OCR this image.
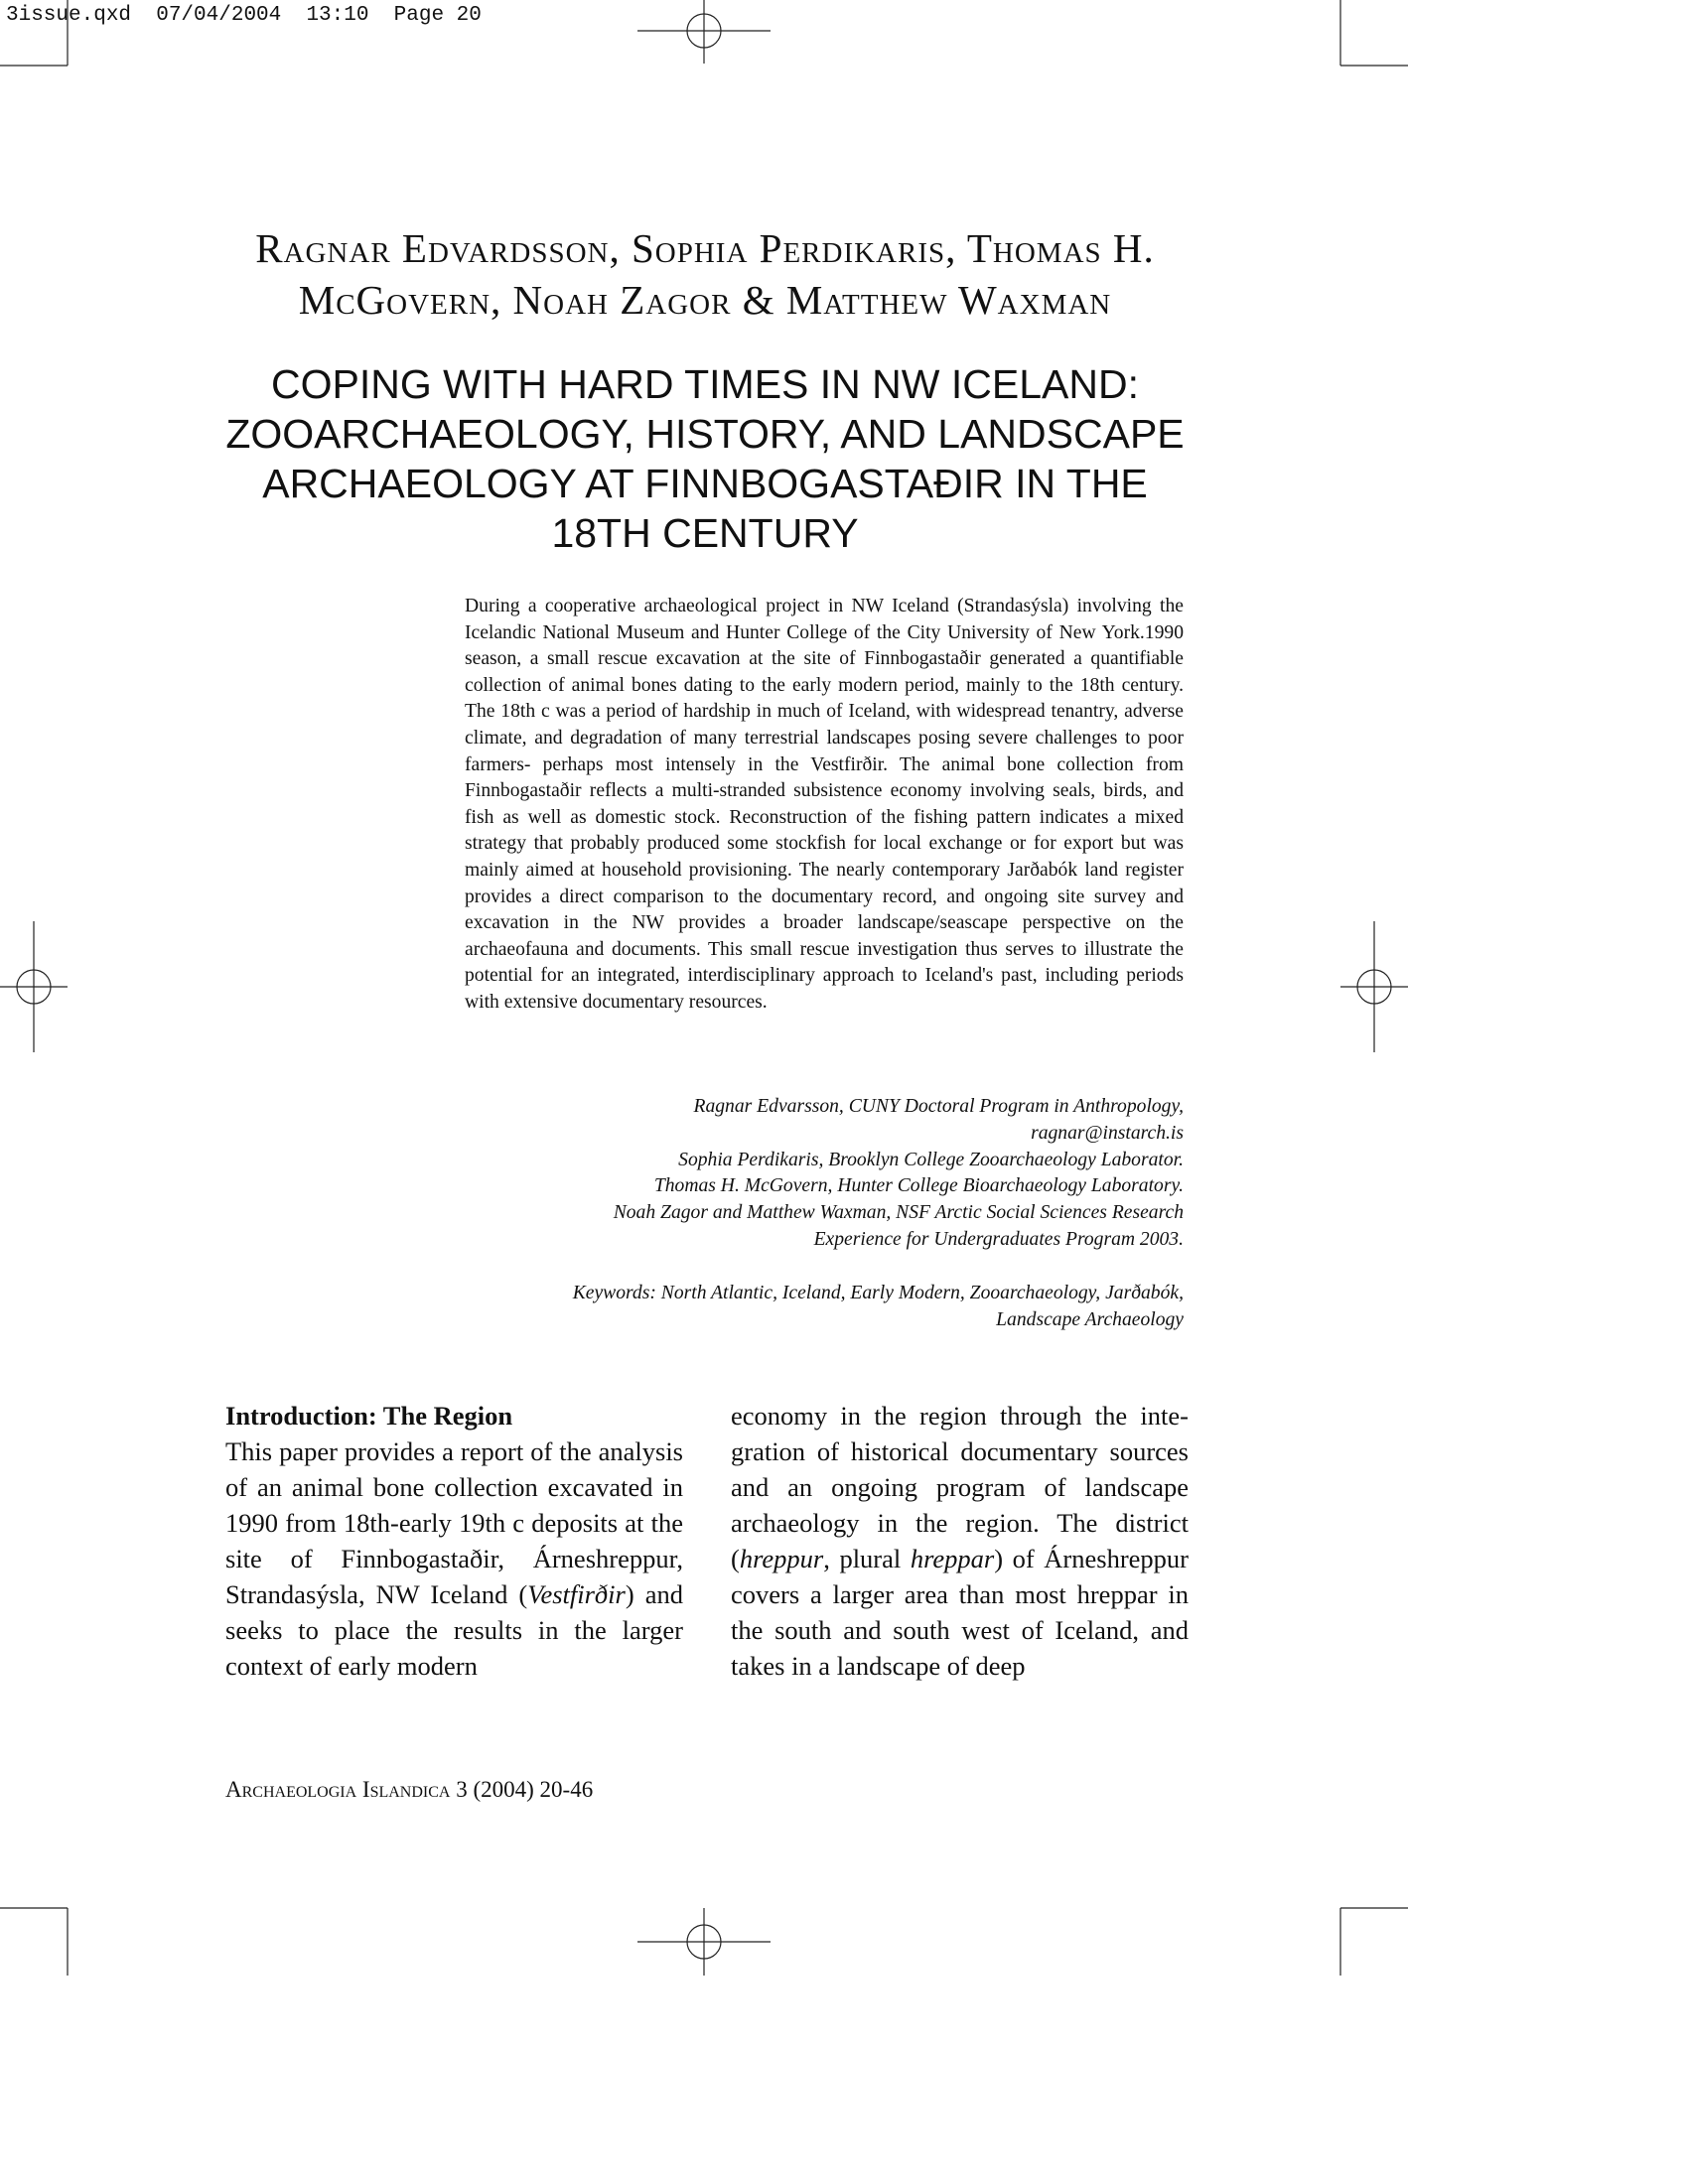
3issue.qxd  07/04/2004  13:10  Page 20
Ragnar Edvardsson, Sophia Perdikaris, Thomas H.
McGovern, Noah Zagor & Matthew Waxman
COPING WITH HARD TIMES IN NW ICELAND:
ZOOARCHAEOLOGY, HISTORY, AND LANDSCAPE
ARCHAEOLOGY AT FINNBOGASTAÐIR IN THE
18TH CENTURY
During a cooperative archaeological project in NW Iceland (Strandasýsla) involving the Icelandic National Museum and Hunter College of the City University of New York.1990 season, a small rescue excavation at the site of Finnbogastaðir generated a quantifiable collection of animal bones dating to the early modern period, mainly to the 18th century. The 18th c was a period of hardship in much of Iceland, with widespread tenantry, adverse climate, and degradation of many terrestrial landscapes posing severe challenges to poor farmers- perhaps most intensely in the Vestfirðir. The animal bone collection from Finnbogastaðir reflects a multi-stranded subsistence economy involving seals, birds, and fish as well as domestic stock. Reconstruction of the fishing pattern indicates a mixed strategy that probably produced some stockfish for local exchange or for export but was mainly aimed at household provisioning. The nearly contemporary Jarðabók land register provides a direct comparison to the documentary record, and ongoing site survey and excavation in the NW provides a broader landscape/seascape perspective on the archaeofauna and documents. This small rescue investigation thus serves to illustrate the potential for an integrated, interdisciplinary approach to Iceland's past, including periods with extensive documentary resources.
Ragnar Edvarsson, CUNY Doctoral Program in Anthropology,
ragnar@instarch.is
Sophia Perdikaris, Brooklyn College Zooarchaeology Laborator.
Thomas H. McGovern, Hunter College Bioarchaeology Laboratory.
Noah Zagor and Matthew Waxman, NSF Arctic Social Sciences Research
Experience for Undergraduates Program 2003.
Keywords: North Atlantic, Iceland, Early Modern, Zooarchaeology, Jarðabók,
Landscape Archaeology
Introduction: The Region

This paper provides a report of the analysis of an animal bone collection excavated in 1990 from 18th-early 19th c deposits at the site of Finnbogastaðir, Árneshreppur, Strandasýsla, NW Iceland (Vestfirðir) and seeks to place the results in the larger context of early modern

economy in the region through the integration of historical documentary sources and an ongoing program of landscape archaeology in the region. The district (hreppur, plural hreppar) of Árneshreppur covers a larger area than most hreppar in the south and south west of Iceland, and takes in a landscape of deep

Archaeologia Islandica 3 (2004) 20-46
